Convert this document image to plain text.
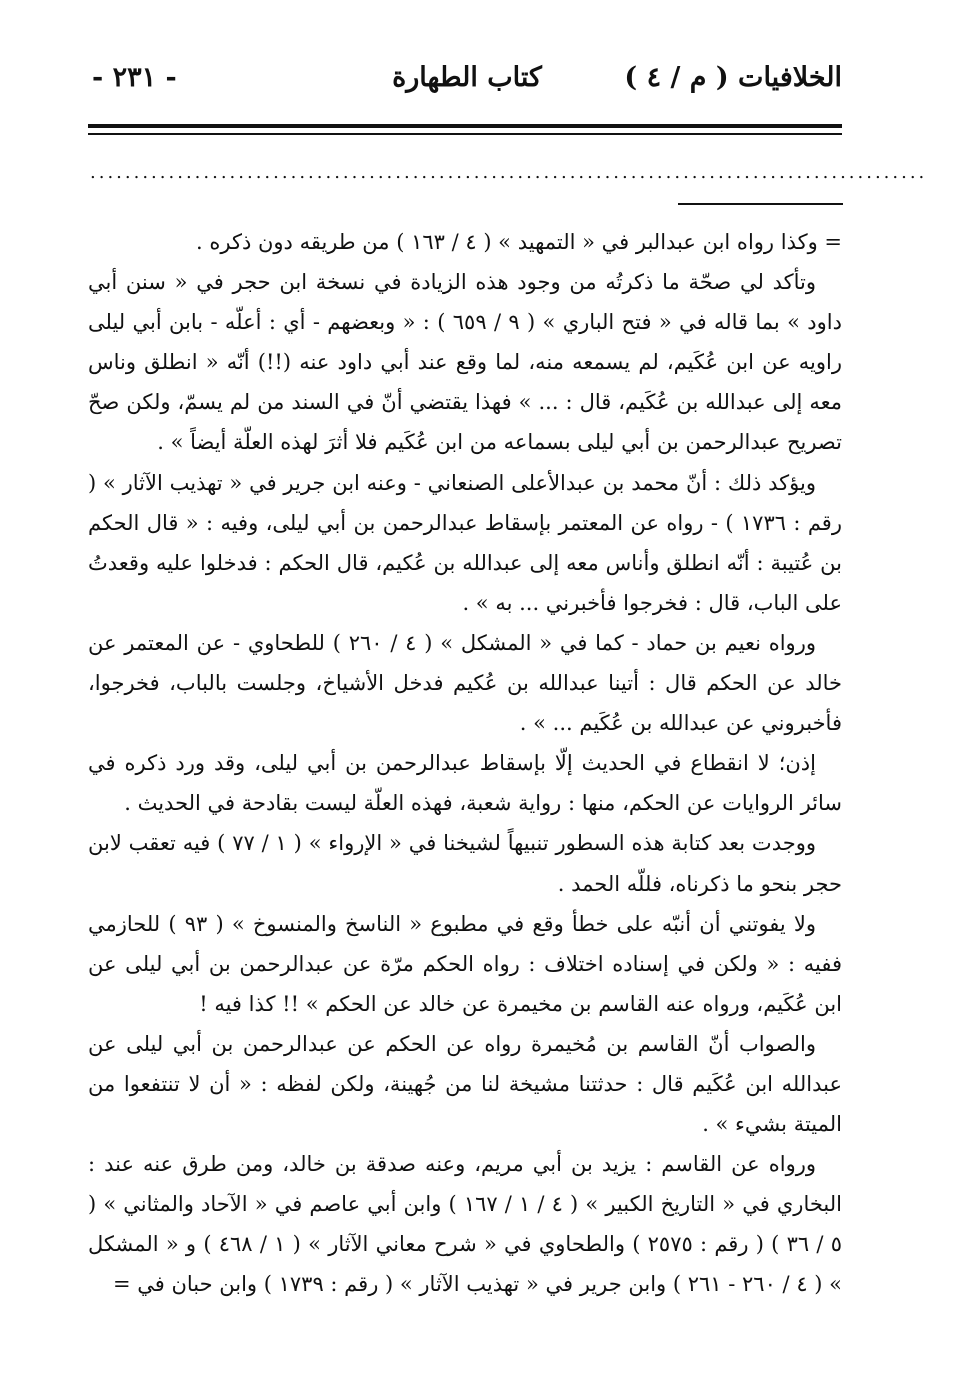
الخلافيات ( م / ٤ )
كتاب الطهارة
- ٢٣١ -
................................................................................................

= وكذا رواه ابن عبدالبر في « التمهيد » ( ٤ / ١٦٣ ) من طريقه دون ذكره .

وتأكد لي صحّة ما ذكرتُه من وجود هذه الزيادة في نسخة ابن حجر في « سنن أبي داود » بما قاله في « فتح الباري » ( ٩ / ٦٥٩ ) : « وبعضهم - أي : أعلّه - بابن أبي ليلى راويه عن ابن عُكَيم، لم يسمعه منه، لما وقع عند أبي داود عنه (!!) أنّه « انطلق وناس معه إلى عبدالله بن عُكَيم، قال : ... » فهذا يقتضي أنّ في السند من لم يسمّ، ولكن صحّ تصريح عبدالرحمن بن أبي ليلى بسماعه من ابن عُكَيم فلا أثرَ لهذه العلّة أيضاً » .

ويؤكد ذلك : أنّ محمد بن عبدالأعلى الصنعاني - وعنه ابن جرير في « تهذيب الآثار » ( رقم : ١٧٣٦ ) - رواه عن المعتمر بإسقاط عبدالرحمن بن أبي ليلى، وفيه : « قال الحكم بن عُتيبة : أنّه انطلق وأناس معه إلى عبدالله بن عُكيم، قال الحكم : فدخلوا عليه وقعدتُ على الباب، قال : فخرجوا فأخبرني ... به » .

ورواه نعيم بن حماد - كما في « المشكل » ( ٤ / ٢٦٠ ) للطحاوي - عن المعتمر عن خالد عن الحكم قال : أتينا عبدالله بن عُكيم فدخل الأشياخ، وجلست بالباب، فخرجوا، فأخبروني عن عبدالله بن عُكَيم ... » .

إذن؛ لا انقطاع في الحديث إلّا بإسقاط عبدالرحمن بن أبي ليلى، وقد ورد ذكره في سائر الروايات عن الحكم، منها : رواية شعبة، فهذه العلّة ليست بقادحة في الحديث .

ووجدت بعد كتابة هذه السطور تنبيهاً لشيخنا في « الإرواء » ( ١ / ٧٧ ) فيه تعقب لابن حجر بنحو ما ذكرناه، فللّه الحمد .

ولا يفوتني أن أنبّه على خطأ وقع في مطبوع « الناسخ والمنسوخ » ( ٩٣ ) للحازمي ففيه : « ولكن في إسناده اختلاف : رواه الحكم مرّة عن عبدالرحمن بن أبي ليلى عن ابن عُكَيم، ورواه عنه القاسم بن مخيمرة عن خالد عن الحكم » !! كذا فيه !

والصواب أنّ القاسم بن مُخيمرة رواه عن الحكم عن عبدالرحمن بن أبي ليلى عن عبدالله ابن عُكَيم قال : حدثتنا مشيخة لنا من جُهينة، ولكن لفظه : « أن لا تنتفعوا من الميتة بشيء » .

ورواه عن القاسم : يزيد بن أبي مريم، وعنه صدقة بن خالد، ومن طرق عنه عند : البخاري في « التاريخ الكبير » ( ٤ / ١ / ١٦٧ ) وابن أبي عاصم في « الآحاد والمثاني » ( ٥ / ٣٦ ) ( رقم : ٢٥٧٥ ) والطحاوي في « شرح معاني الآثار » ( ١ / ٤٦٨ ) و « المشكل » ( ٤ / ٢٦٠ - ٢٦١ ) وابن جرير في « تهذيب الآثار » ( رقم : ١٧٣٩ ) وابن حبان في =
